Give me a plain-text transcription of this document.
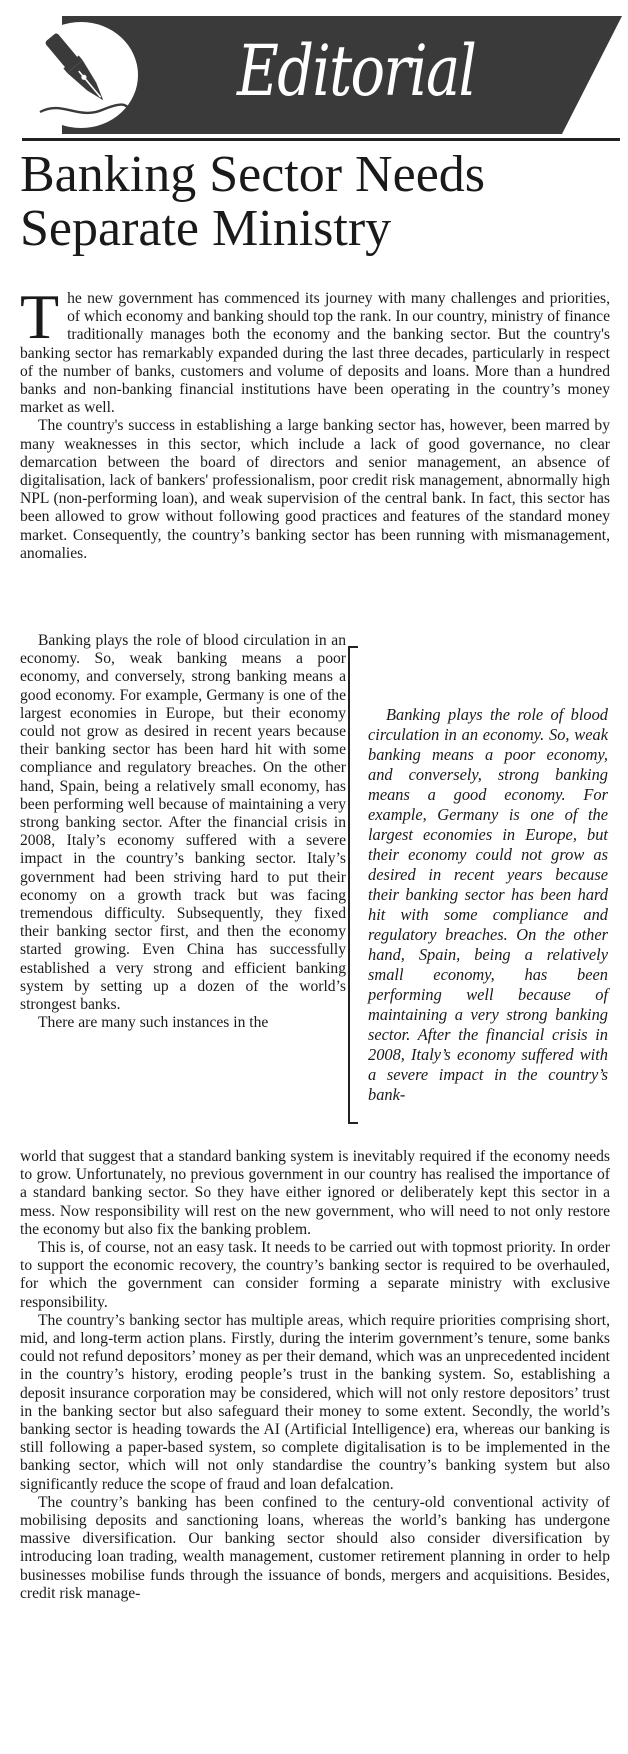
Editorial
Banking Sector Needs
Separate Ministry

The new government has commenced its journey with many challenges and priorities, of which economy and banking should top the rank. In our country, ministry of finance traditionally manages both the economy and the banking sector. But the country's banking sector has remarkably expanded during the last three decades, particularly in respect of the number of banks, customers and volume of deposits and loans. More than a hundred banks and non-banking financial institutions have been operating in the country’s money market as well.

The country's success in establishing a large banking sector has, however, been marred by many weaknesses in this sector, which include a lack of good governance, no clear demarcation between the board of directors and senior management, an absence of digitalisation, lack of bankers' professionalism, poor credit risk management, abnormally high NPL (non-performing loan), and weak supervision of the central bank. In fact, this sector has been allowed to grow without following good practices and features of the standard money market. Consequently, the country’s banking sector has been running with mismanagement, anomalies.

Banking plays the role of blood circulation in an economy. So, weak banking means a poor economy, and conversely, strong banking means a good economy. For example, Germany is one of the largest economies in Europe, but their economy could not grow as desired in recent years because their banking sector has been hard hit with some compliance and regulatory breaches. On the other hand, Spain, being a relatively small economy, has been performing well because of maintaining a very strong banking sector. After the financial crisis in 2008, Italy’s economy suffered with a severe impact in the country’s banking sector. Italy’s government had been striving hard to put their economy on a growth track but was facing tremendous difficulty. Subsequently, they fixed their banking sector first, and then the economy started growing. Even China has successfully established a very strong and efficient banking system by setting up a dozen of the world’s strongest banks.

There are many such instances in the

Banking plays the role of blood circulation in an economy. So, weak banking means a poor economy, and conversely, strong banking means a good economy. For example, Germany is one of the largest economies in Europe, but their economy could not grow as desired in recent years because their banking sector has been hard hit with some compliance and regulatory breaches. On the other hand, Spain, being a relatively small economy, has been performing well because of maintaining a very strong banking sector. After the financial crisis in 2008, Italy’s economy suffered with a severe impact in the country’s bank-

world that suggest that a standard banking system is inevitably required if the economy needs to grow. Unfortunately, no previous government in our country has realised the importance of a standard banking sector. So they have either ignored or deliberately kept this sector in a mess. Now responsibility will rest on the new government, who will need to not only restore the economy but also fix the banking problem.

This is, of course, not an easy task. It needs to be carried out with topmost priority. In order to support the economic recovery, the country’s banking sector is required to be overhauled, for which the government can consider forming a separate ministry with exclusive responsibility.

The country’s banking sector has multiple areas, which require priorities comprising short, mid, and long-term action plans. Firstly, during the interim government’s tenure, some banks could not refund depositors’ money as per their demand, which was an unprecedented incident in the country’s history, eroding people’s trust in the banking system. So, establishing a deposit insurance corporation may be considered, which will not only restore depositors’ trust in the banking sector but also safeguard their money to some extent. Secondly, the world’s banking sector is heading towards the AI (Artificial Intelligence) era, whereas our banking is still following a paper-based system, so complete digitalisation is to be implemented in the banking sector, which will not only standardise the country’s banking system but also significantly reduce the scope of fraud and loan defalcation.

The country’s banking has been confined to the century-old conventional activity of mobilising deposits and sanctioning loans, whereas the world’s banking has undergone massive diversification. Our banking sector should also consider diversification by introducing loan trading, wealth management, customer retirement planning in order to help businesses mobilise funds through the issuance of bonds, mergers and acquisitions. Besides, credit risk manage-
